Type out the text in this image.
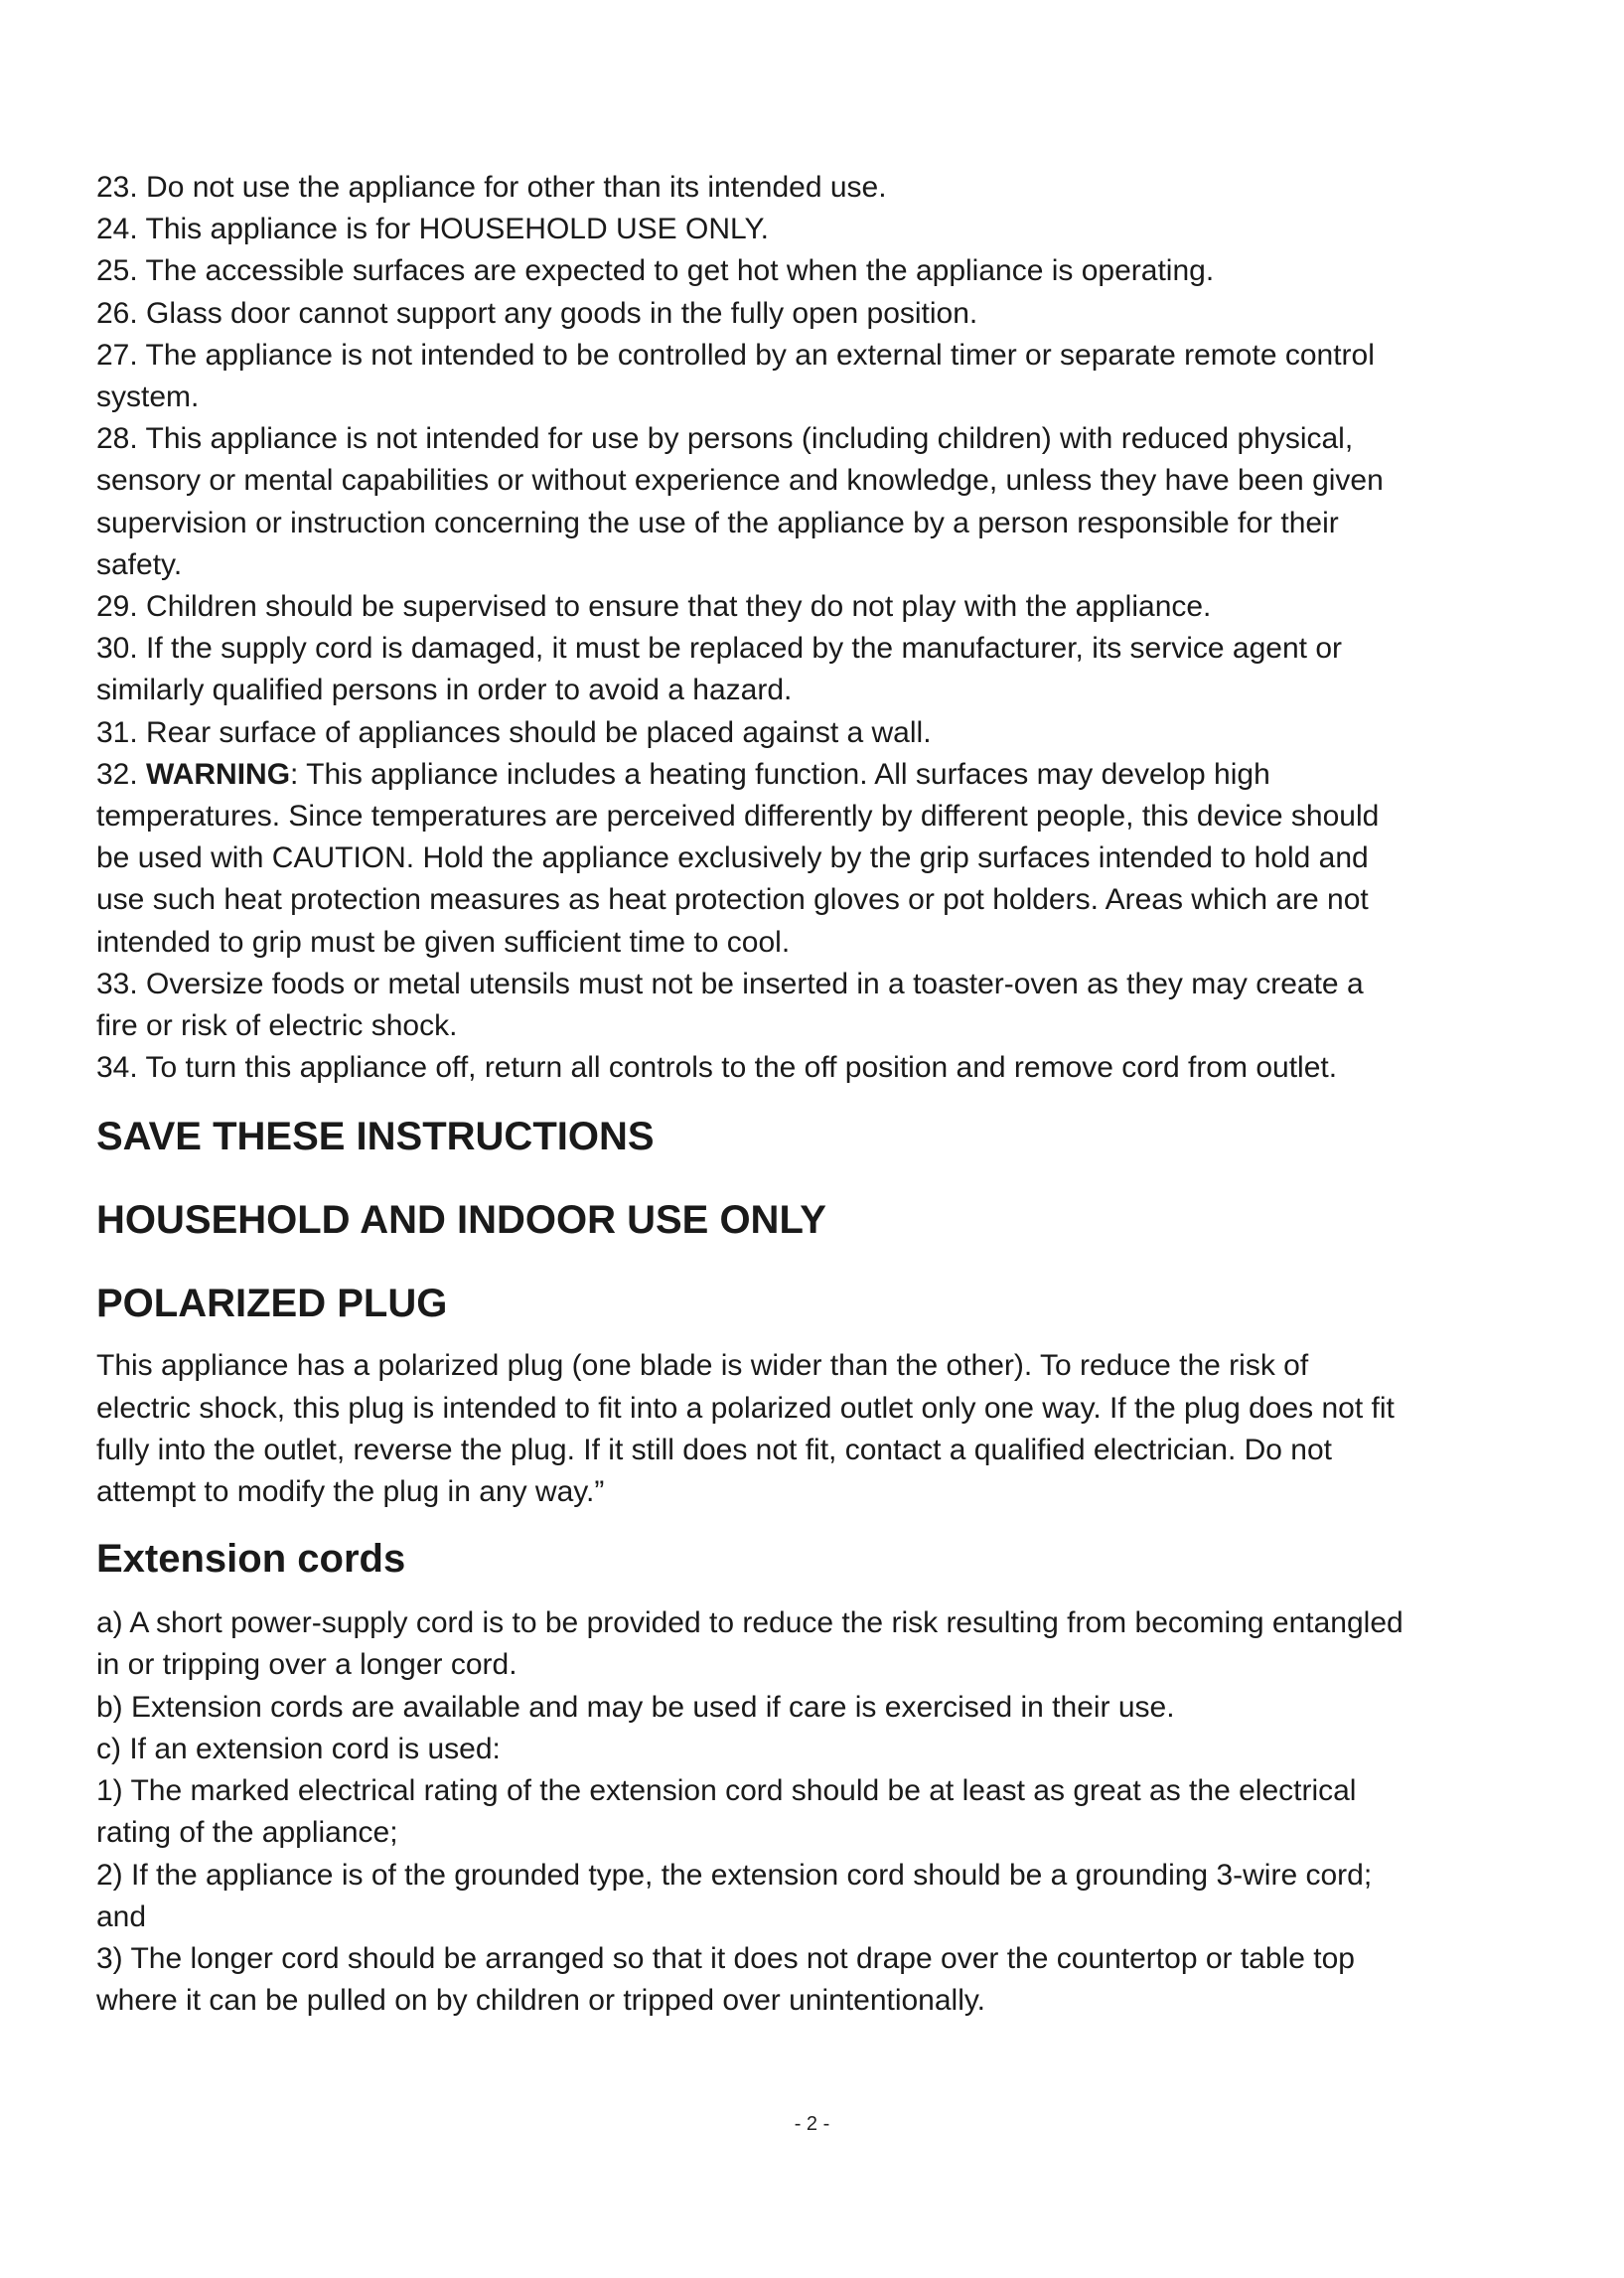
23. Do not use the appliance for other than its intended use.

24. This appliance is for HOUSEHOLD USE ONLY.

25. The accessible surfaces are expected to get hot when the appliance is operating.

26. Glass door cannot support any goods in the fully open position.

27. The appliance is not intended to be controlled by an external timer or separate remote control system.

28. This appliance is not intended for use by persons (including children) with reduced physical, sensory or mental capabilities or without experience and knowledge, unless they have been given supervision or instruction concerning the use of the appliance by a person responsible for their safety.

29. Children should be supervised to ensure that they do not play with the appliance.

30. If the supply cord is damaged, it must be replaced by the manufacturer, its service agent or similarly qualified persons in order to avoid a hazard.

31. Rear surface of appliances should be placed against a wall.

32. WARNING: This appliance includes a heating function. All surfaces may develop high temperatures. Since temperatures are perceived differently by different people, this device should be used with CAUTION. Hold the appliance exclusively by the grip surfaces intended to hold and use such heat protection measures as heat protection gloves or pot holders. Areas which are not intended to grip must be given sufficient time to cool.

33. Oversize foods or metal utensils must not be inserted in a toaster-oven as they may create a fire or risk of electric shock.

34. To turn this appliance off, return all controls to the off position and remove cord from outlet.

SAVE THESE INSTRUCTIONS
HOUSEHOLD AND INDOOR USE ONLY
POLARIZED PLUG

This appliance has a polarized plug (one blade is wider than the other). To reduce the risk of electric shock, this plug is intended to fit into a polarized outlet only one way. If the plug does not fit fully into the outlet, reverse the plug. If it still does not fit, contact a qualified electrician. Do not attempt to modify the plug in any way.”

Extension cords

a) A short power-supply cord is to be provided to reduce the risk resulting from becoming entangled in or tripping over a longer cord.

b) Extension cords are available and may be used if care is exercised in their use.

c) If an extension cord is used:

1) The marked electrical rating of the extension cord should be at least as great as the electrical rating of the appliance;

2) If the appliance is of the grounded type, the extension cord should be a grounding 3-wire cord; and

3) The longer cord should be arranged so that it does not drape over the countertop or table top where it can be pulled on by children or tripped over unintentionally.

- 2 -
